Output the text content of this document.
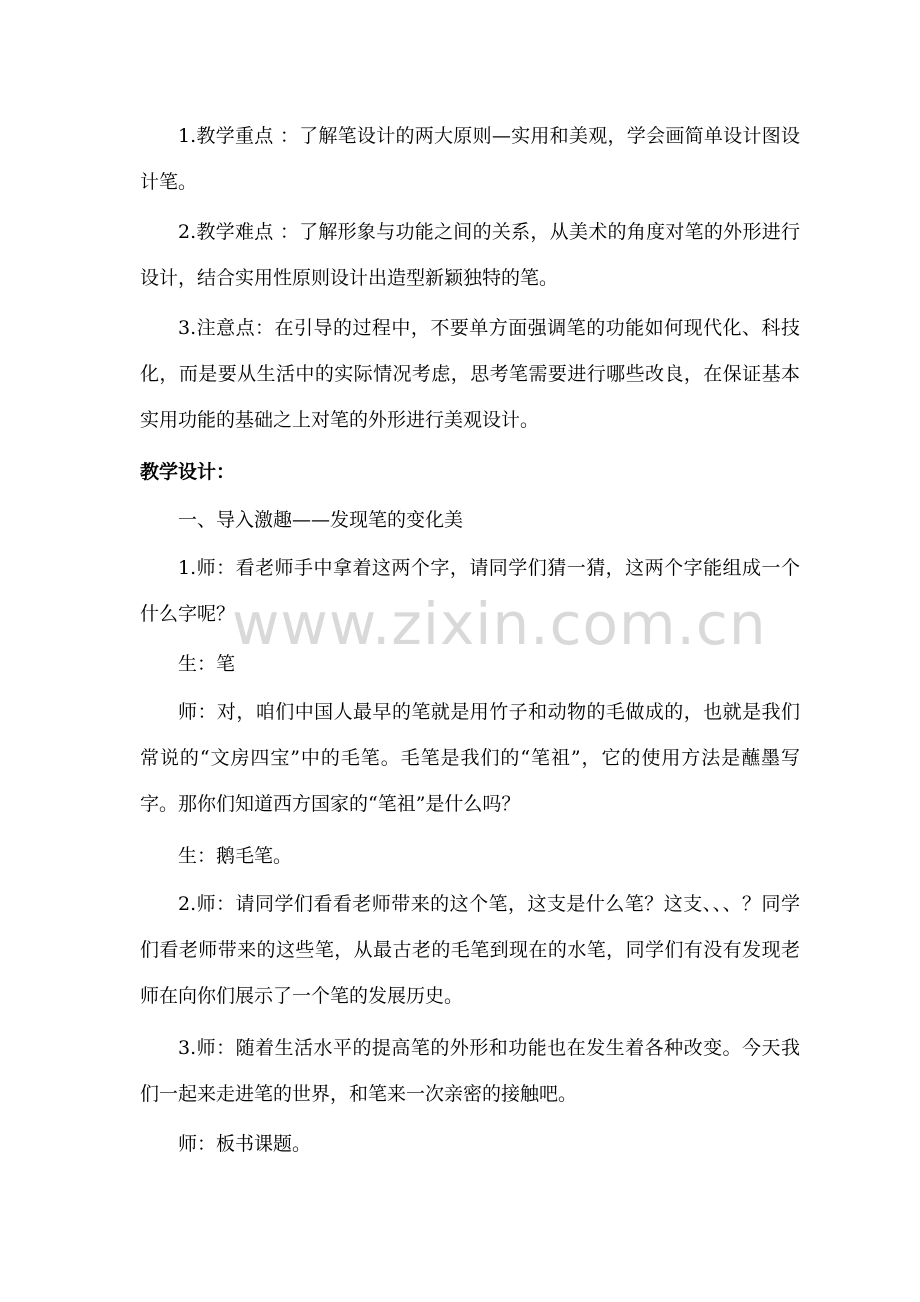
1.教学重点 ：了解笔设计的两大原则—实用和美观，学会画简单设计图设计笔。

2.教学难点 ：了解形象与功能之间的关系，从美术的角度对笔的外形进行设计，结合实用性原则设计出造型新颖独特的笔。

3.注意点：在引导的过程中，不要单方面强调笔的功能如何现代化、科技化，而是要从生活中的实际情况考虑，思考笔需要进行哪些改良，在保证基本实用功能的基础之上对笔的外形进行美观设计。

教学设计：

一、导入激趣——发现笔的变化美

1.师：看老师手中拿着这两个字，请同学们猜一猜，这两个字能组成一个什么字呢？

生：笔

师：对，咱们中国人最早的笔就是用竹子和动物的毛做成的，也就是我们常说的“文房四宝”中的毛笔。毛笔是我们的“笔祖”，它的使用方法是蘸墨写字。那你们知道西方国家的“笔祖”是什么吗？

生：鹅毛笔。

2.师：请同学们看看老师带来的这个笔，这支是什么笔？这支、、、？同学们看老师带来的这些笔，从最古老的毛笔到现在的水笔，同学们有没有发现老师在向你们展示了一个笔的发展历史。

3.师：随着生活水平的提高笔的外形和功能也在发生着各种改变。今天我们一起来走进笔的世界，和笔来一次亲密的接触吧。

师：板书课题。

www.zixin.com.cn
